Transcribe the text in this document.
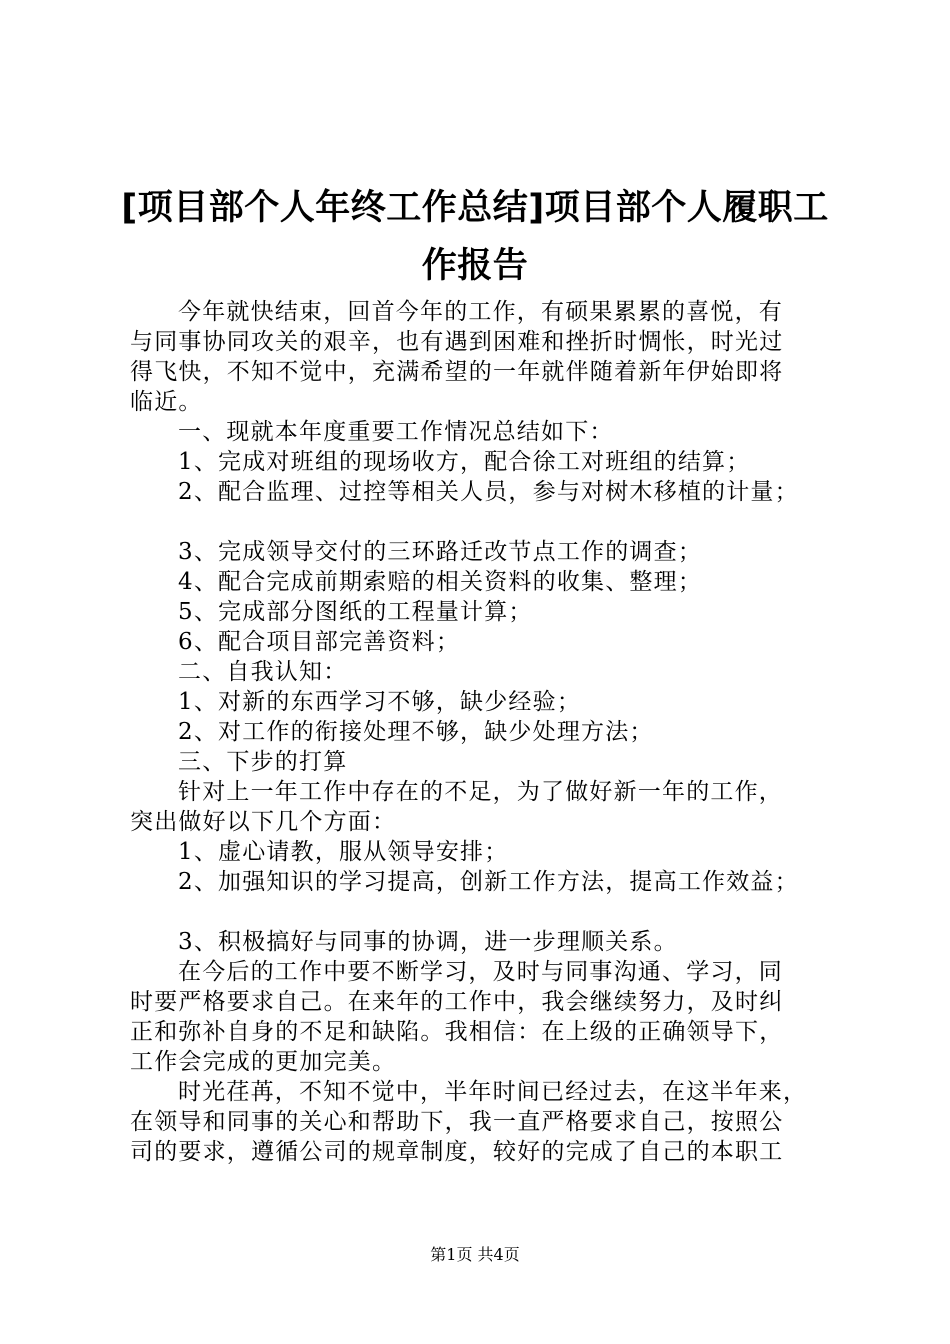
[项目部个人年终工作总结]项目部个人履职工
作报告
今年就快结束，回首今年的工作，有硕果累累的喜悦，有
与同事协同攻关的艰辛，也有遇到困难和挫折时惆怅，时光过
得飞快，不知不觉中，充满希望的一年就伴随着新年伊始即将
临近。
一、现就本年度重要工作情况总结如下：
1、完成对班组的现场收方，配合徐工对班组的结算；
2、配合监理、过控等相关人员，参与对树木移植的计量；
3、完成领导交付的三环路迁改节点工作的调查；
4、配合完成前期索赔的相关资料的收集、整理；
5、完成部分图纸的工程量计算；
6、配合项目部完善资料；
二、自我认知：
1、对新的东西学习不够，缺少经验；
2、对工作的衔接处理不够，缺少处理方法；
三、下步的打算
针对上一年工作中存在的不足，为了做好新一年的工作，
突出做好以下几个方面：
1、虚心请教，服从领导安排；
2、加强知识的学习提高，创新工作方法，提高工作效益；
3、积极搞好与同事的协调，进一步理顺关系。
在今后的工作中要不断学习，及时与同事沟通、学习，同
时要严格要求自己。在来年的工作中，我会继续努力，及时纠
正和弥补自身的不足和缺陷。我相信：在上级的正确领导下，
工作会完成的更加完美。
时光荏苒，不知不觉中，半年时间已经过去，在这半年来，
在领导和同事的关心和帮助下，我一直严格要求自己，按照公
司的要求，遵循公司的规章制度，较好的完成了自己的本职工
第1页 共4页
